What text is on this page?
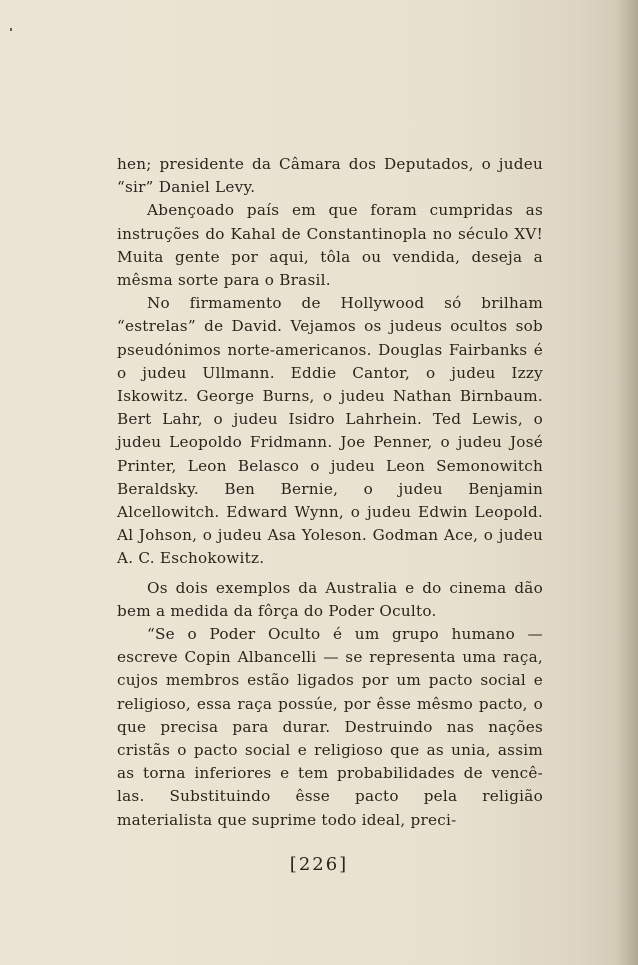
hen; presidente da Câmara dos Deputados, o judeu “sir” Daniel Levy.

Abençoado país em que foram cumpridas as instruções do Kahal de Constantinopla no século XV! Muita gente por aqui, tôla ou vendida, deseja a mêsma sorte para o Brasil.

No firmamento de Hollywood só brilham “estrelas” de David. Vejamos os judeus ocultos sob pseudónimos norte-americanos. Douglas Fairbanks é o judeu Ullmann. Eddie Cantor, o judeu Izzy Iskowitz. George Burns, o judeu Nathan Birnbaum. Bert Lahr, o judeu Isidro Lahrhein. Ted Lewis, o judeu Leopoldo Fridmann. Joe Penner, o judeu José Printer, Leon Belasco o judeu Leon Semonowitch Beraldsky. Ben Bernie, o judeu Benjamin Alcellowitch. Edward Wynn, o judeu Edwin Leopold. Al Johson, o judeu Asa Yoleson. Godman Ace, o judeu A. C. Eschokowitz.

Os dois exemplos da Australia e do cinema dão bem a medida da fôrça do Poder Oculto.

“Se o Poder Oculto é um grupo humano — escreve Copin Albancelli — se representa uma raça, cujos membros estão ligados por um pacto social e religioso, essa raça possúe, por êsse mêsmo pacto, o que precisa para durar. Destruindo nas nações cristãs o pacto social e religioso que as unia, assim as torna inferiores e tem probabilidades de vencê-las. Substituindo êsse pacto pela religião materialista que suprime todo ideal, preci-

[226]
